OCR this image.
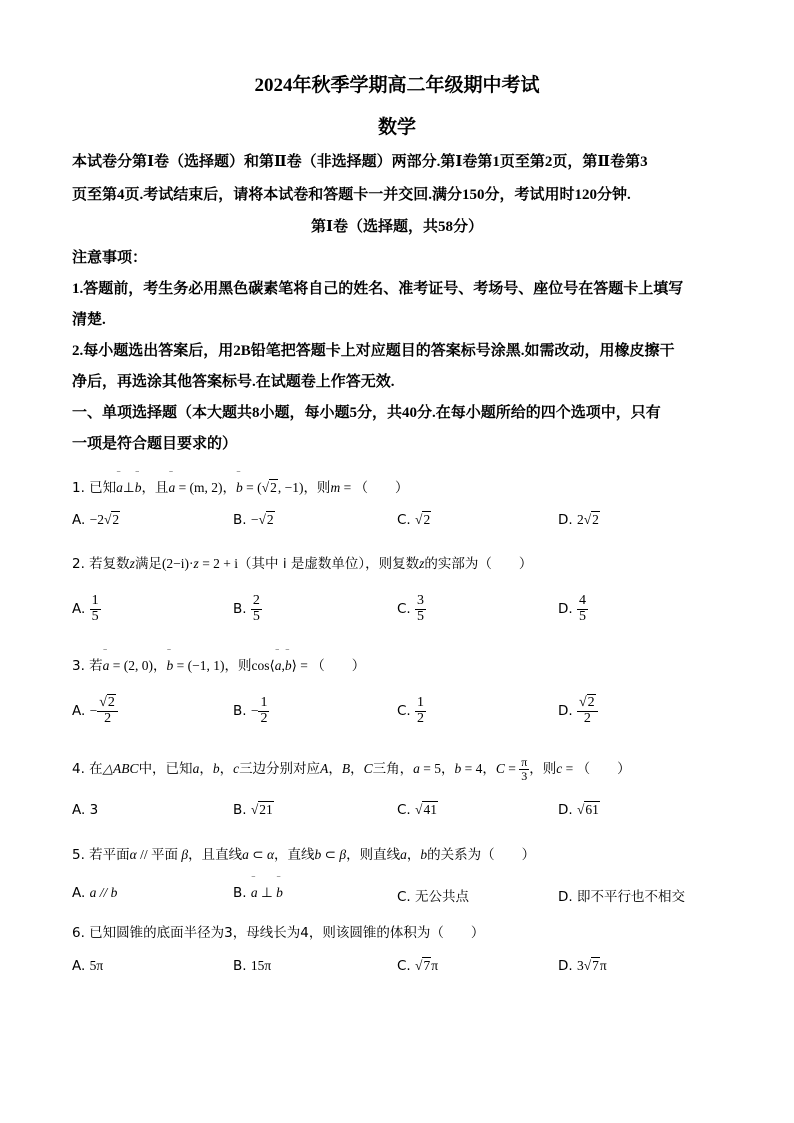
2024年秋季学期高二年级期中考试
数学
本试卷分第Ⅰ卷（选择题）和第Ⅱ卷（非选择题）两部分.第Ⅰ卷第1页至第2页，第Ⅱ卷第3
页至第4页.考试结束后，请将本试卷和答题卡一并交回.满分150分，考试用时120分钟.
第Ⅰ卷（选择题，共58分）
注意事项：
1.答题前，考生务必用黑色碳素笔将自己的姓名、准考证号、考场号、座位号在答题卡上填写
清楚.
2.每小题选出答案后，用2B铅笔把答题卡上对应题目的答案标号涂黑.如需改动，用橡皮擦干
净后，再选涂其他答案标号.在试题卷上作答无效.
一、单项选择题（本大题共8小题，每小题5分，共40分.在每小题所给的四个选项中，只有
一项是符合题目要求的）
1. 已知‾ a⊥‾ b，且‾ a = (m, 2)，‾ b = (√2, −1)，则m = （　　）
A. −2√2	B. −√2	C. √2	D. 2√2
2. 若复数z满足(2−i)·z = 2 + i（其中 i 是虚数单位），则复数z的实部为（　　）
A. $\frac{1}{5}$	B. $\frac{2}{5}$	C. $\frac{3}{5}$	D. $\frac{4}{5}$
3. 若‾ a = (2, 0)，‾ b = (−1, 1)，则cos⟨‾ a,‾ b⟩ = （　　）
A. − $\frac{√2}{2}$	B. − $\frac{1}{2}$	C. $\frac{1}{2}$	D. $\frac{√2}{2}$
4. 在△ABC中，已知a，b，c三边分别对应A，B，C三角，a = 5，b = 4，$C = \frac{\pi}{3}$ ，则c = （　　）
A. 3	B. √21	C. √41	D. √61
5. 若平面α // 平面 β，且直线a ⊂ α，直线b ⊂ β，则直线a，b的关系为（　　）
A. a // b	B. ‾ a ⊥ ‾ b	C. 无公共点	D. 即不平行也不相交
6. 已知圆锥的底面半径为3，母线长为4，则该圆锥的体积为（　　）
A. 5π	B. 15π	C. √7π	D. 3√7π
